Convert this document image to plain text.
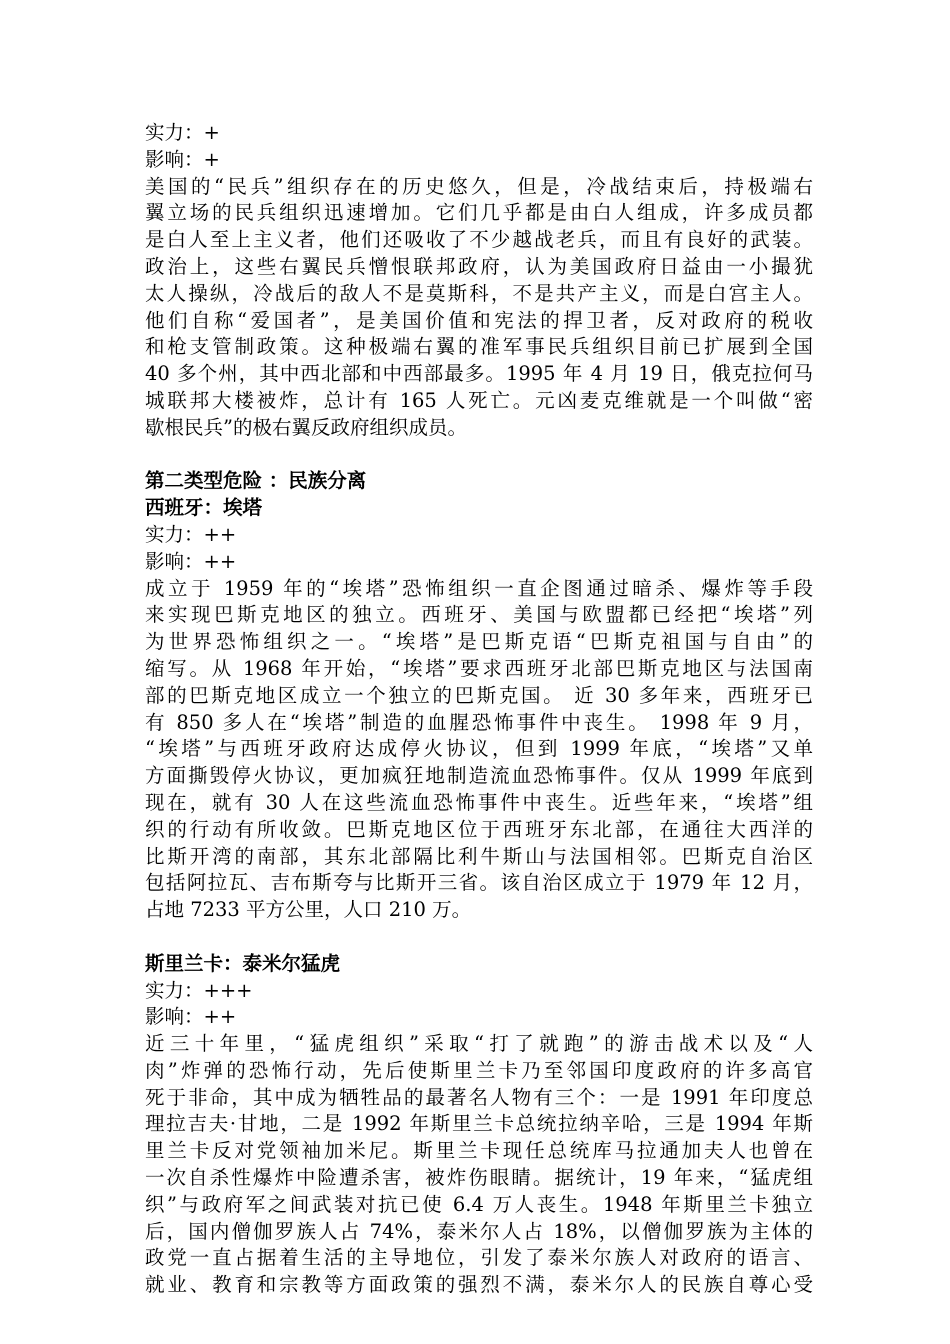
实力：+
影响：+
美国的“民兵”组织存在的历史悠久，但是，冷战结束后，持极端右
翼立场的民兵组织迅速增加。它们几乎都是由白人组成，许多成员都
是白人至上主义者，他们还吸收了不少越战老兵，而且有良好的武装。
政治上，这些右翼民兵憎恨联邦政府，认为美国政府日益由一小撮犹
太人操纵，冷战后的敌人不是莫斯科，不是共产主义，而是白宫主人。
他们自称“爱国者”，是美国价值和宪法的捍卫者，反对政府的税收
和枪支管制政策。这种极端右翼的准军事民兵组织目前已扩展到全国
40 多个州，其中西北部和中西部最多。1995 年 4 月 19 日，俄克拉何马
城联邦大楼被炸，总计有 165 人死亡。元凶麦克维就是一个叫做“密
歇根民兵”的极右翼反政府组织成员。
第二类型危险 ：民族分离
西班牙：埃塔
实力：++
影响：++
成立于 1959 年的“埃塔”恐怖组织一直企图通过暗杀、爆炸等手段
来实现巴斯克地区的独立。西班牙、美国与欧盟都已经把“埃塔”列
为世界恐怖组织之一。“埃塔”是巴斯克语“巴斯克祖国与自由”的
缩写。从 1968 年开始，“埃塔”要求西班牙北部巴斯克地区与法国南
部的巴斯克地区成立一个独立的巴斯克国。 近 30 多年来，西班牙已
有 850 多人在“埃塔”制造的血腥恐怖事件中丧生。 1998 年 9 月，
“埃塔”与西班牙政府达成停火协议，但到 1999 年底，“埃塔”又单
方面撕毁停火协议，更加疯狂地制造流血恐怖事件。仅从 1999 年底到
现在，就有 30 人在这些流血恐怖事件中丧生。近些年来，“埃塔”组
织的行动有所收敛。巴斯克地区位于西班牙东北部，在通往大西洋的
比斯开湾的南部，其东北部隔比利牛斯山与法国相邻。巴斯克自治区
包括阿拉瓦、吉布斯夸与比斯开三省。该自治区成立于 1979 年 12 月，
占地 7233 平方公里，人口 210 万。
斯里兰卡：泰米尔猛虎
实力：+++
影响：++
近三十年里，“猛虎组织”采取“打了就跑”的游击战术以及“人
肉”炸弹的恐怖行动，先后使斯里兰卡乃至邻国印度政府的许多高官
死于非命，其中成为牺牲品的最著名人物有三个：一是 1991 年印度总
理拉吉夫·甘地，二是 1992 年斯里兰卡总统拉纳辛哈，三是 1994 年斯
里兰卡反对党领袖加米尼。斯里兰卡现任总统库马拉通加夫人也曾在
一次自杀性爆炸中险遭杀害，被炸伤眼睛。据统计，19 年来，“猛虎组
织”与政府军之间武装对抗已使 6.4 万人丧生。1948 年斯里兰卡独立
后，国内僧伽罗族人占 74%，泰米尔人占 18%，以僧伽罗族为主体的
政党一直占据着生活的主导地位，引发了泰米尔族人对政府的语言、
就业、教育和宗教等方面政策的强烈不满，泰米尔人的民族自尊心受
